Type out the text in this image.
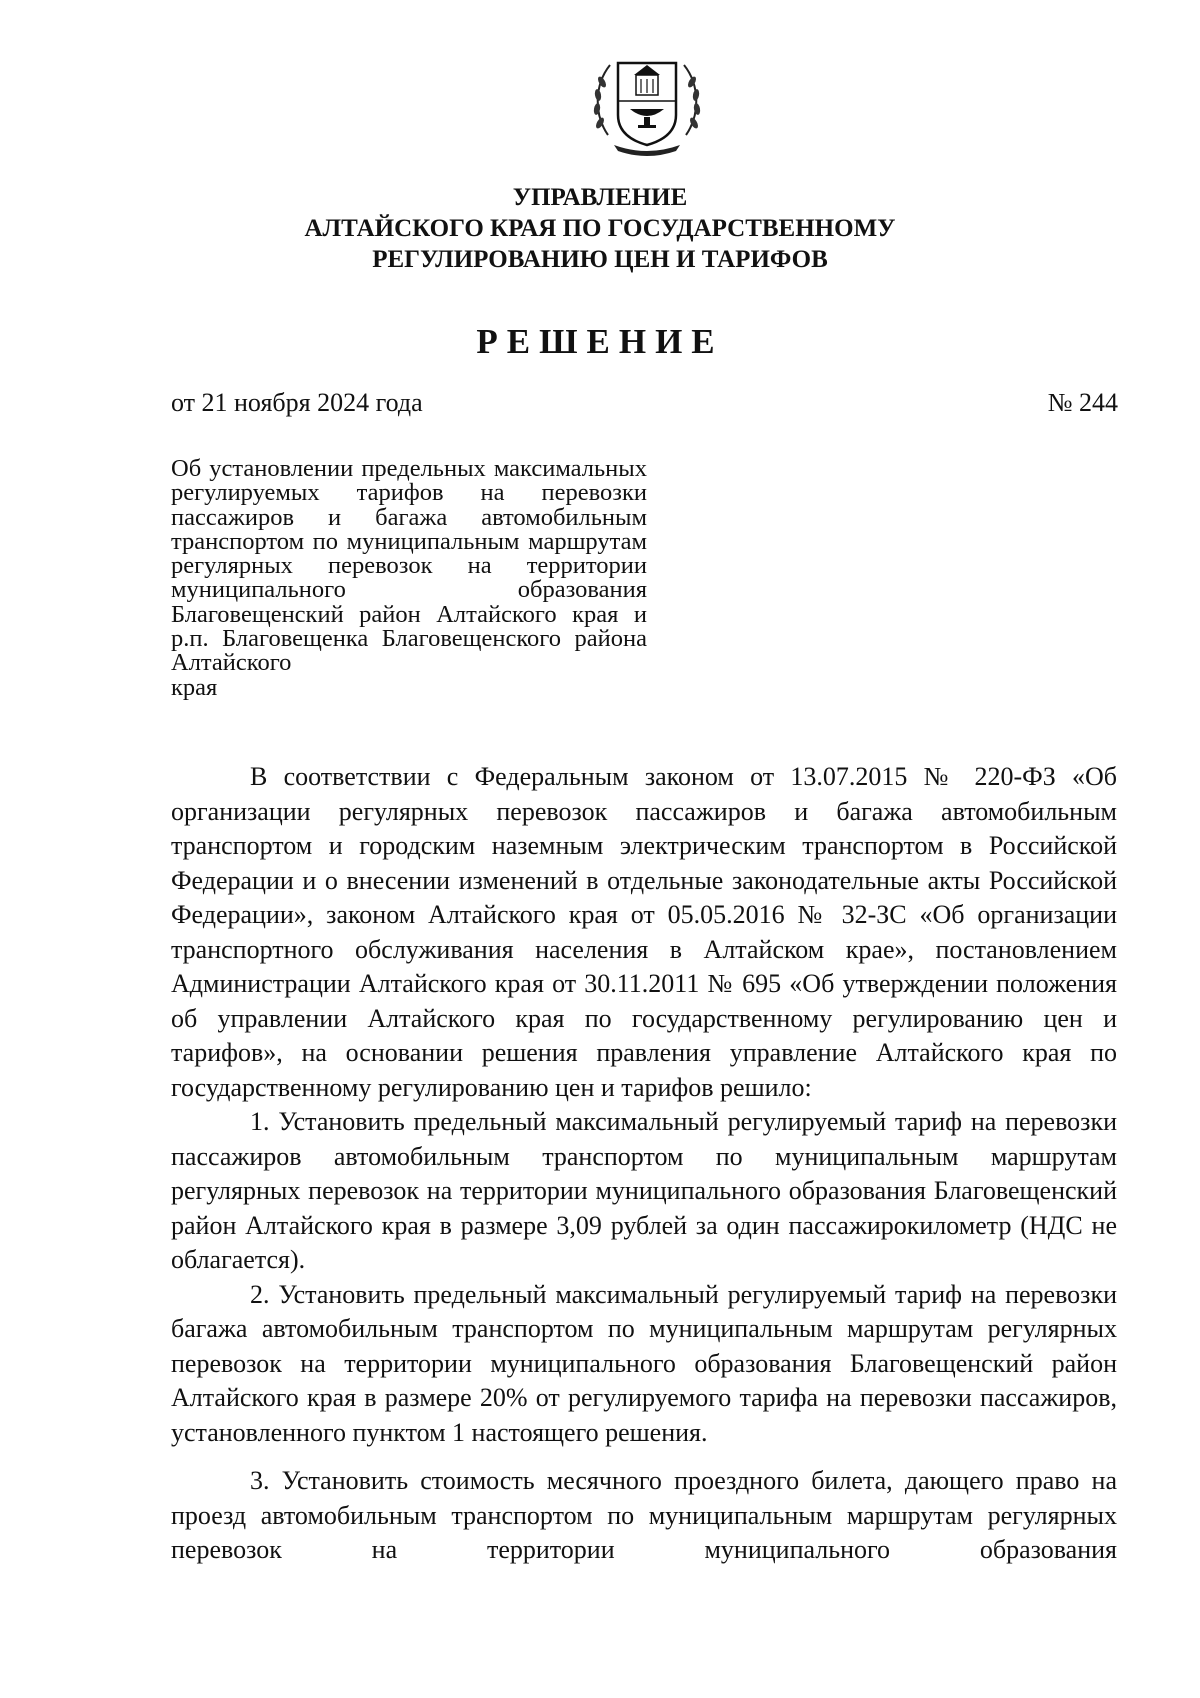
УПРАВЛЕНИЕ
АЛТАЙСКОГО КРАЯ ПО ГОСУДАРСТВЕННОМУ
РЕГУЛИРОВАНИЮ ЦЕН И ТАРИФОВ
РЕШЕНИЕ
от 21 ноября 2024 года	№ 244
Об установлении предельных максимальных регулируемых тарифов на перевозки пассажиров и багажа автомобильным транспортом по муниципальным маршрутам регулярных перевозок на территории муниципального образования Благовещенский район Алтайского края и р.п. Благовещенка Благовещенского района Алтайского
края

В соответствии с Федеральным законом от 13.07.2015 № 220-ФЗ «Об организации регулярных перевозок пассажиров и багажа автомобильным транспортом и городским наземным электрическим транспортом в Российской Федерации и о внесении изменений в отдельные законодательные акты Российской Федерации», законом Алтайского края от 05.05.2016 № 32-ЗС «Об организации транспортного обслуживания населения в Алтайском крае», постановлением Администрации Алтайского края от 30.11.2011 № 695 «Об утверждении положения об управлении Алтайского края по государственному регулированию цен и тарифов», на основании решения правления управление Алтайского края по государственному регулированию цен и тарифов решило:

1. Установить предельный максимальный регулируемый тариф на перевозки пассажиров автомобильным транспортом по муниципальным маршрутам регулярных перевозок на территории муниципального образования Благовещенский район Алтайского края в размере 3,09 рублей за один пассажирокилометр (НДС не облагается).

2. Установить предельный максимальный регулируемый тариф на перевозки багажа автомобильным транспортом по муниципальным маршрутам регулярных перевозок на территории муниципального образования Благовещенский район Алтайского края в размере 20% от регулируемого тарифа на перевозки пассажиров, установленного пунктом 1 настоящего решения.

3. Установить стоимость месячного проездного билета, дающего право на проезд автомобильным транспортом по муниципальным маршрутам регулярных перевозок на территории муниципального образования
